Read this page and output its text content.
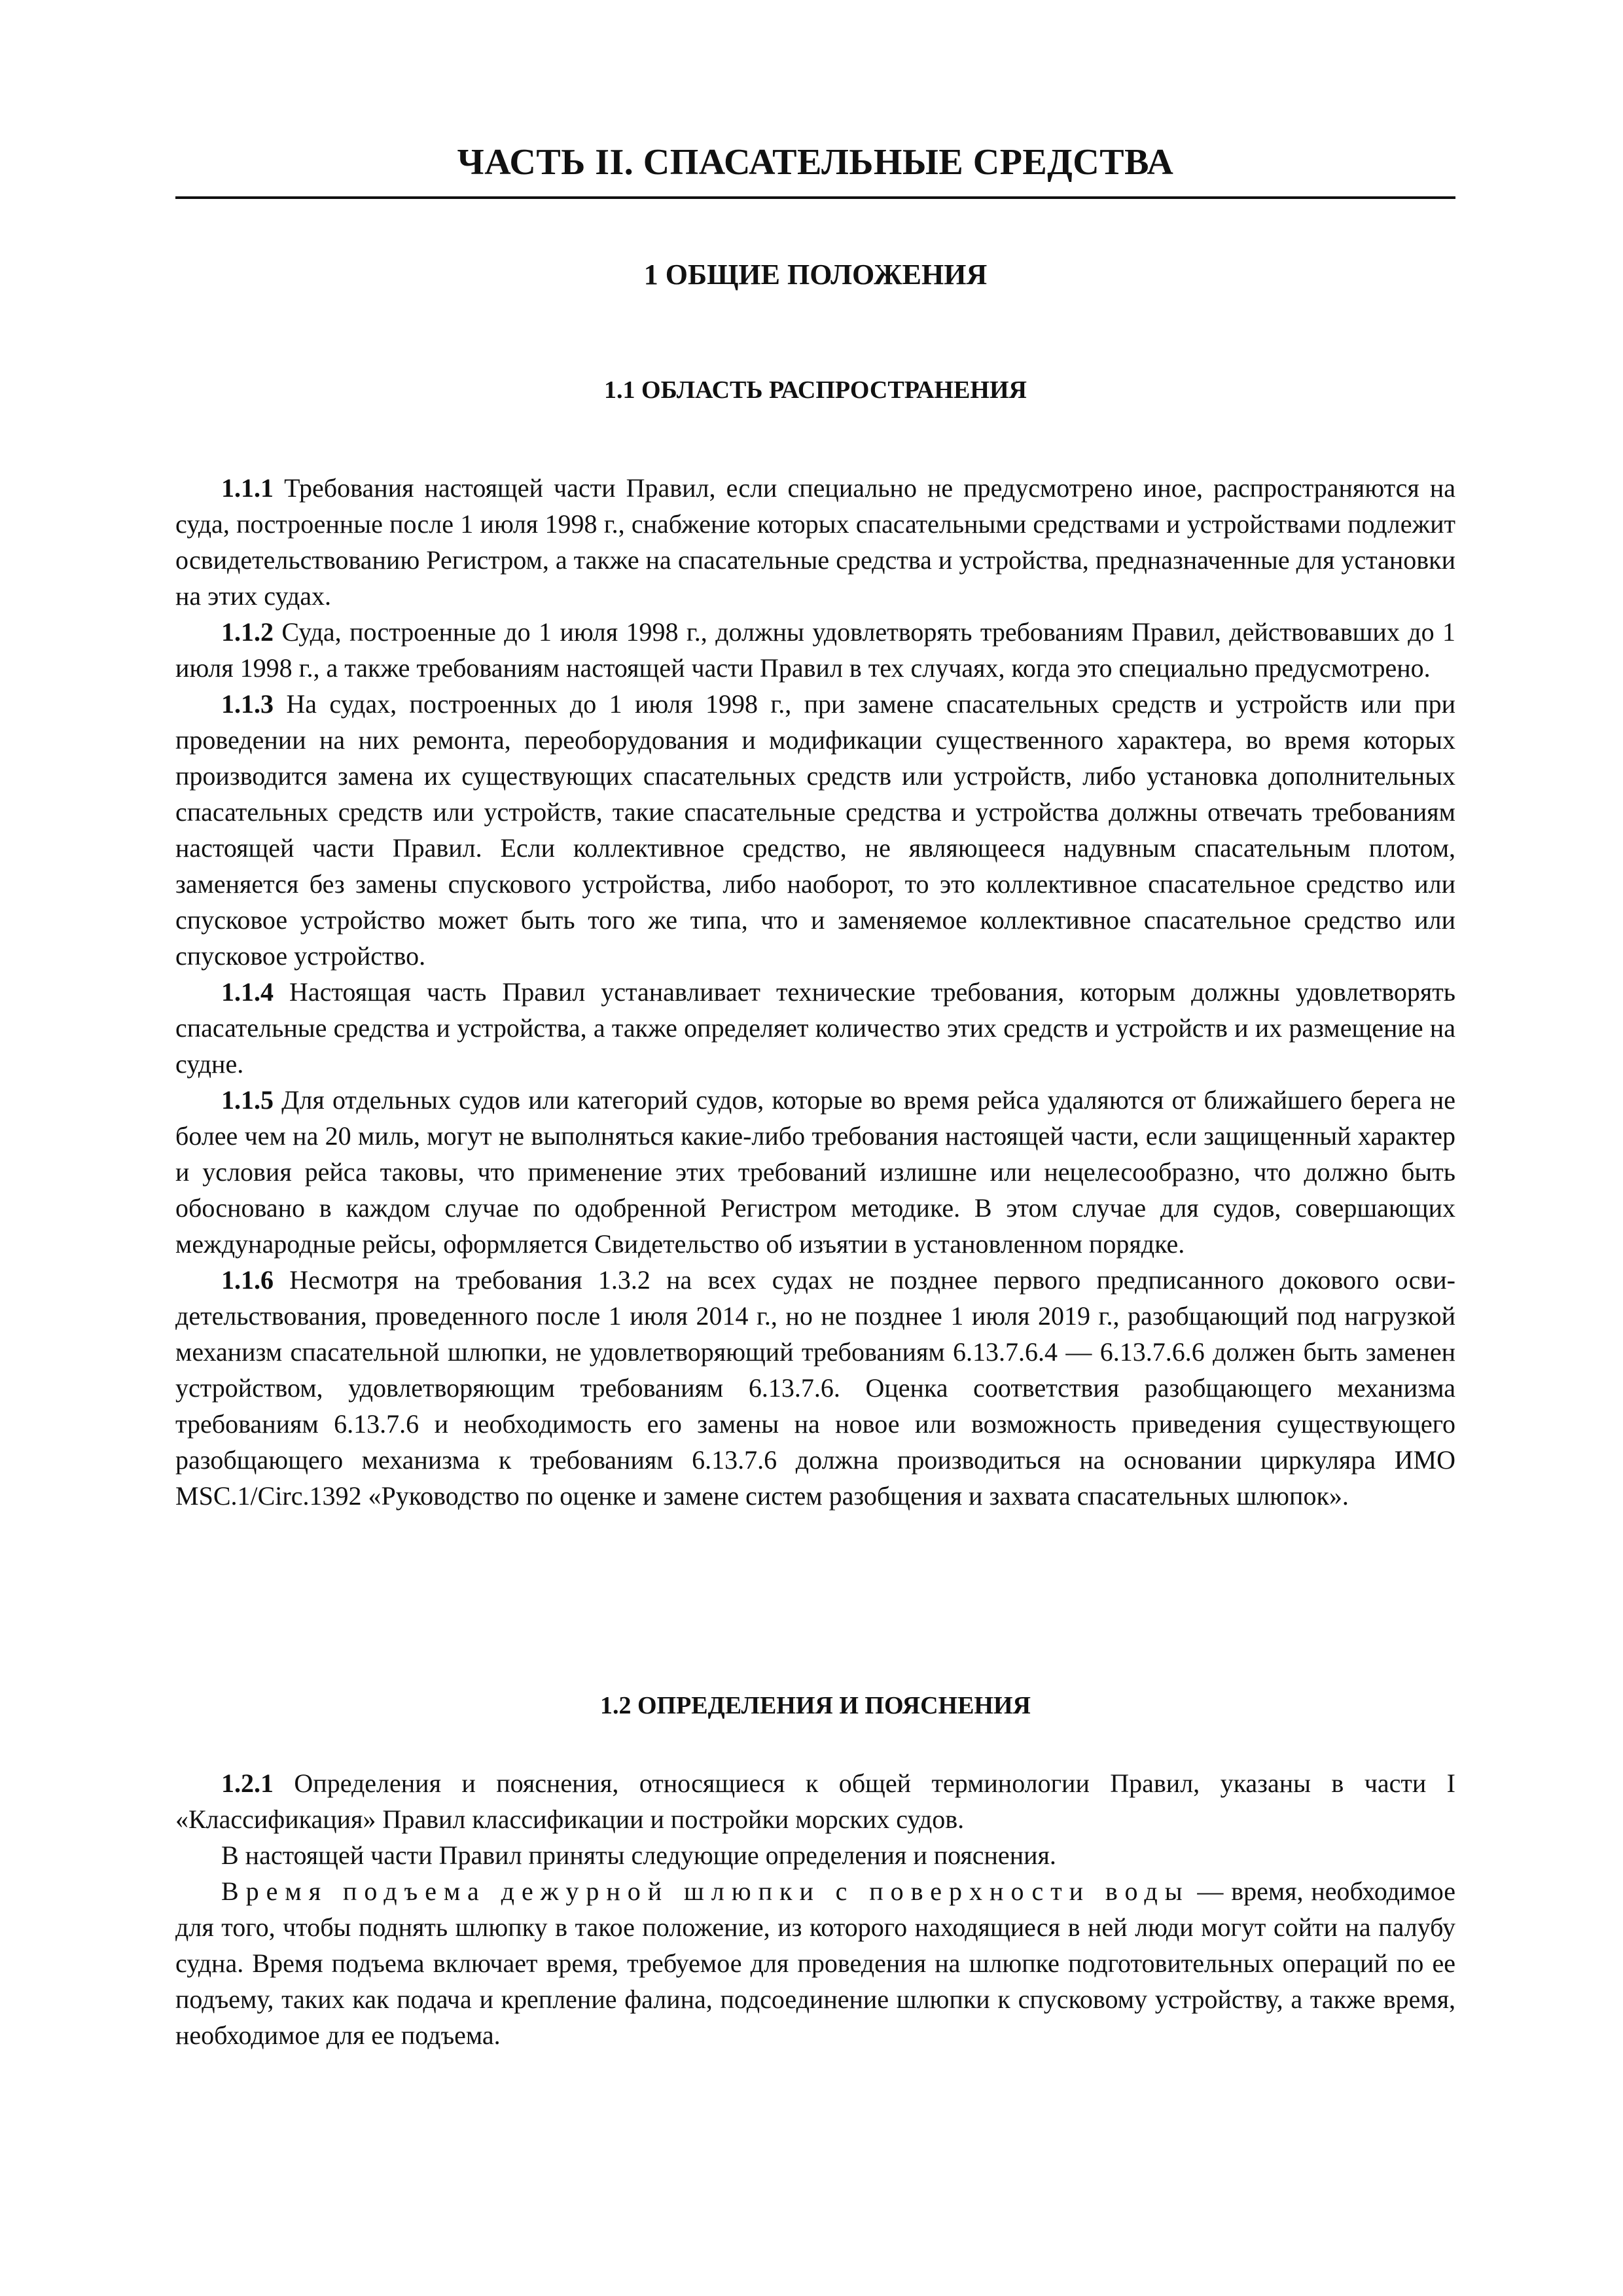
ЧАСТЬ II. СПАСАТЕЛЬНЫЕ СРЕДСТВА
1 ОБЩИЕ ПОЛОЖЕНИЯ
1.1 ОБЛАСТЬ РАСПРОСТРАНЕНИЯ

1.1.1 Требования настоящей части Правил, если специально не предусмотрено иное, распространяются на суда, построенные после 1 июля 1998 г., снабжение которых спасательными средствами и устройствами подлежит освидетельствованию Регистром, а также на спасательные средства и устройства, предназначенные для установки на этих судах.

1.1.2 Суда, построенные до 1 июля 1998 г., должны удовлетворять требованиям Правил, действовавших до 1 июля 1998 г., а также требованиям настоящей части Правил в тех случаях, когда это специально предусмотрено.

1.1.3 На судах, построенных до 1 июля 1998 г., при замене спасательных средств и устройств или при проведении на них ремонта, переоборудования и модификации существенного характера, во время которых производится замена их существующих спасательных средств или устройств, либо установка дополнительных спасательных средств или устройств, такие спасательные средства и устройства должны отвечать требованиям настоящей части Правил. Если коллективное средство, не являющееся надувным спасательным плотом, заменяется без замены спускового устройства, либо наоборот, то это коллективное спасательное средство или спусковое устройство может быть того же типа, что и заменяемое коллективное спасательное средство или спусковое устройство.

1.1.4 Настоящая часть Правил устанавливает технические требования, которым должны удовлетворять спасательные средства и устройства, а также определяет количество этих средств и устройств и их размещение на судне.

1.1.5 Для отдельных судов или категорий судов, которые во время рейса удаляются от ближайшего берега не более чем на 20 миль, могут не выполняться какие-либо требования настоящей части, если защищенный характер и условия рейса таковы, что применение этих требований излишне или нецелесообразно, что должно быть обосновано в каждом случае по одобренной Регистром методике. В этом случае для судов, совершающих международные рейсы, оформляется Свидетельство об изъятии в установленном порядке.

1.1.6 Несмотря на требования 1.3.2 на всех судах не позднее первого предписанного докового осви-детельствования, проведенного после 1 июля 2014 г., но не позднее 1 июля 2019 г., разобщающий под нагрузкой механизм спасательной шлюпки, не удовлетворяющий требованиям 6.13.7.6.4 — 6.13.7.6.6 должен быть заменен устройством, удовлетворяющим требованиям 6.13.7.6. Оценка соответствия разобщающего механизма требованиям 6.13.7.6 и необходимость его замены на новое или возможность приведения существующего разобщающего механизма к требованиям 6.13.7.6 должна производиться на основании циркуляра ИМО MSC.1/Circ.1392 «Руководство по оценке и замене систем разобщения и захвата спасательных шлюпок».

1.2 ОПРЕДЕЛЕНИЯ И ПОЯСНЕНИЯ

1.2.1 Определения и пояснения, относящиеся к общей терминологии Правил, указаны в части I «Классификация» Правил классификации и постройки морских судов.

В настоящей части Правил приняты следующие определения и пояснения.

Время подъема дежурной шлюпки с поверхности воды — время, необходимое для того, чтобы поднять шлюпку в такое положение, из которого находящиеся в ней люди могут сойти на палубу судна. Время подъема включает время, требуемое для проведения на шлюпке подготовительных операций по ее подъему, таких как подача и крепление фалина, подсоединение шлюпки к спусковому устройству, а также время, необходимое для ее подъема.
